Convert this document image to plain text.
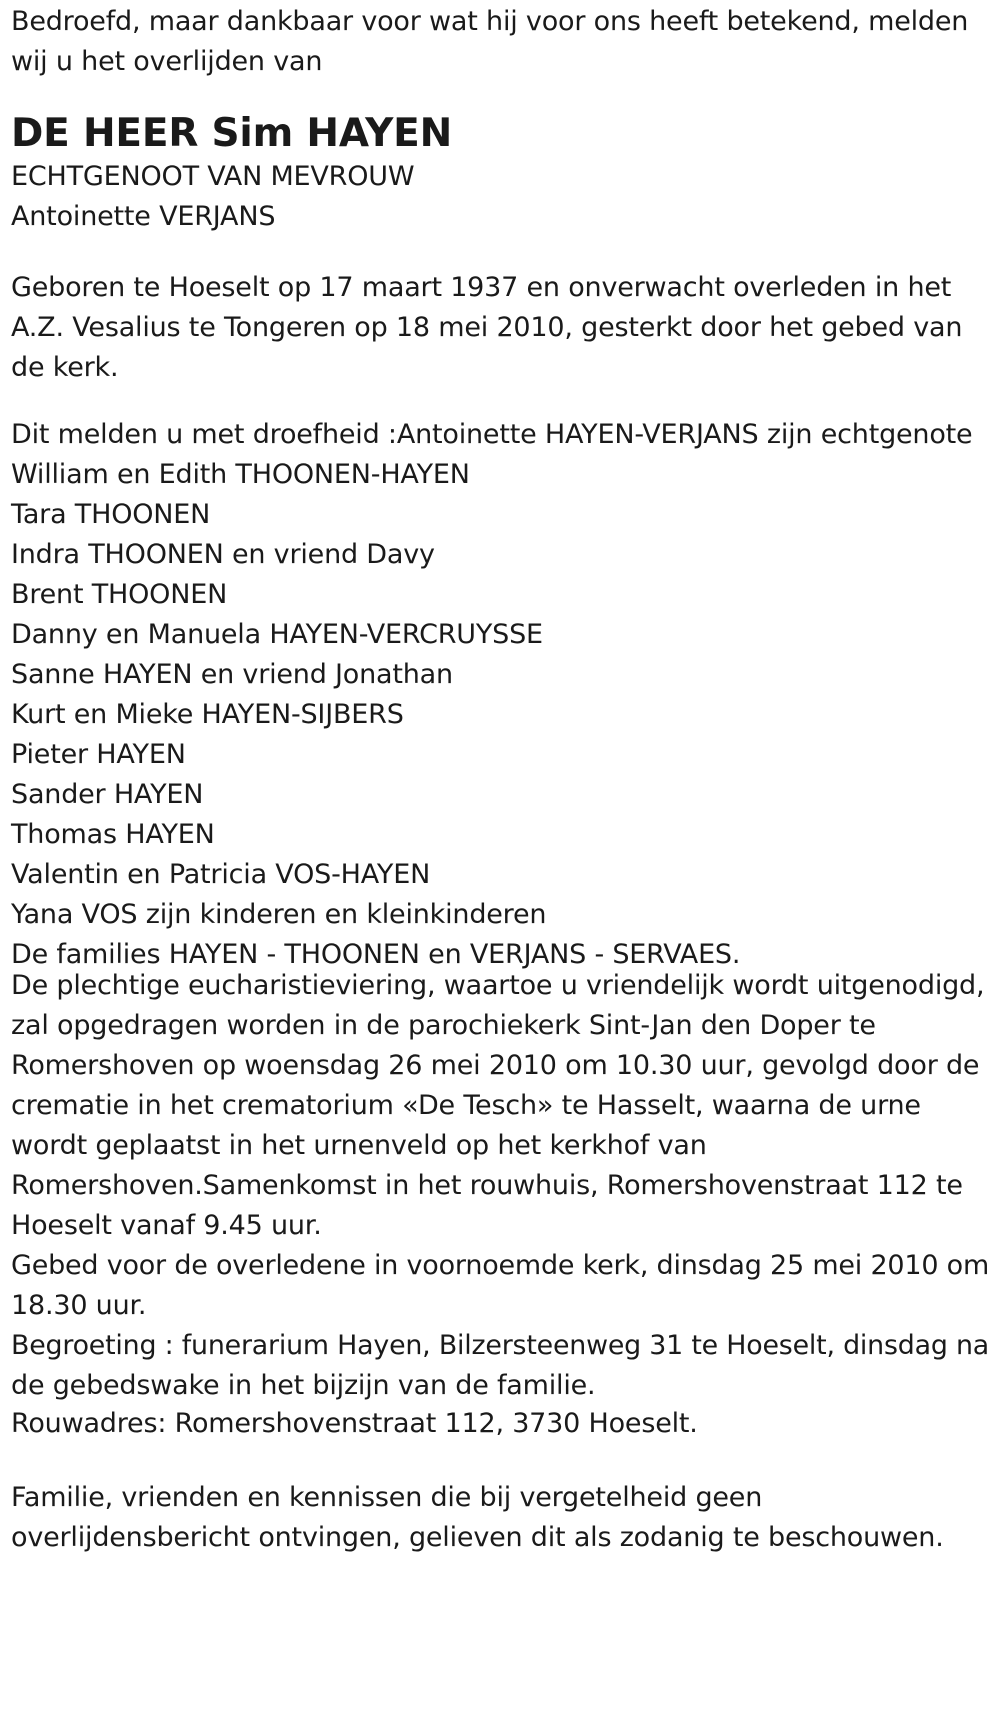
Bedroefd, maar dankbaar voor wat hij voor ons heeft betekend, melden
wij u het overlijden van
DE HEER Sim HAYEN
ECHTGENOOT VAN MEVROUW
Antoinette VERJANS
Geboren te Hoeselt op 17 maart 1937 en onverwacht overleden in het
A.Z. Vesalius te Tongeren op 18 mei 2010, gesterkt door het gebed van
de kerk.
Dit melden u met droefheid :Antoinette HAYEN-VERJANS zijn echtgenote
William en Edith THOONEN-HAYEN
Tara THOONEN
Indra THOONEN en vriend Davy
Brent THOONEN
Danny en Manuela HAYEN-VERCRUYSSE
Sanne HAYEN en vriend Jonathan
Kurt en Mieke HAYEN-SIJBERS
Pieter HAYEN
Sander HAYEN
Thomas HAYEN
Valentin en Patricia VOS-HAYEN
Yana VOS zijn kinderen en kleinkinderen
De families HAYEN - THOONEN en VERJANS - SERVAES.
De plechtige eucharistieviering, waartoe u vriendelijk wordt uitgenodigd,
zal opgedragen worden in de parochiekerk Sint-Jan den Doper te
Romershoven op woensdag 26 mei 2010 om 10.30 uur, gevolgd door de
crematie in het crematorium «De Tesch» te Hasselt, waarna de urne
wordt geplaatst in het urnenveld op het kerkhof van
Romershoven.Samenkomst in het rouwhuis, Romershovenstraat 112 te
Hoeselt vanaf 9.45 uur.
Gebed voor de overledene in voornoemde kerk, dinsdag 25 mei 2010 om
18.30 uur.
Begroeting : funerarium Hayen, Bilzersteenweg 31 te Hoeselt, dinsdag na
de gebedswake in het bijzijn van de familie.
Rouwadres: Romershovenstraat 112, 3730 Hoeselt.
Familie, vrienden en kennissen die bij vergetelheid geen
overlijdensbericht ontvingen, gelieven dit als zodanig te beschouwen.
